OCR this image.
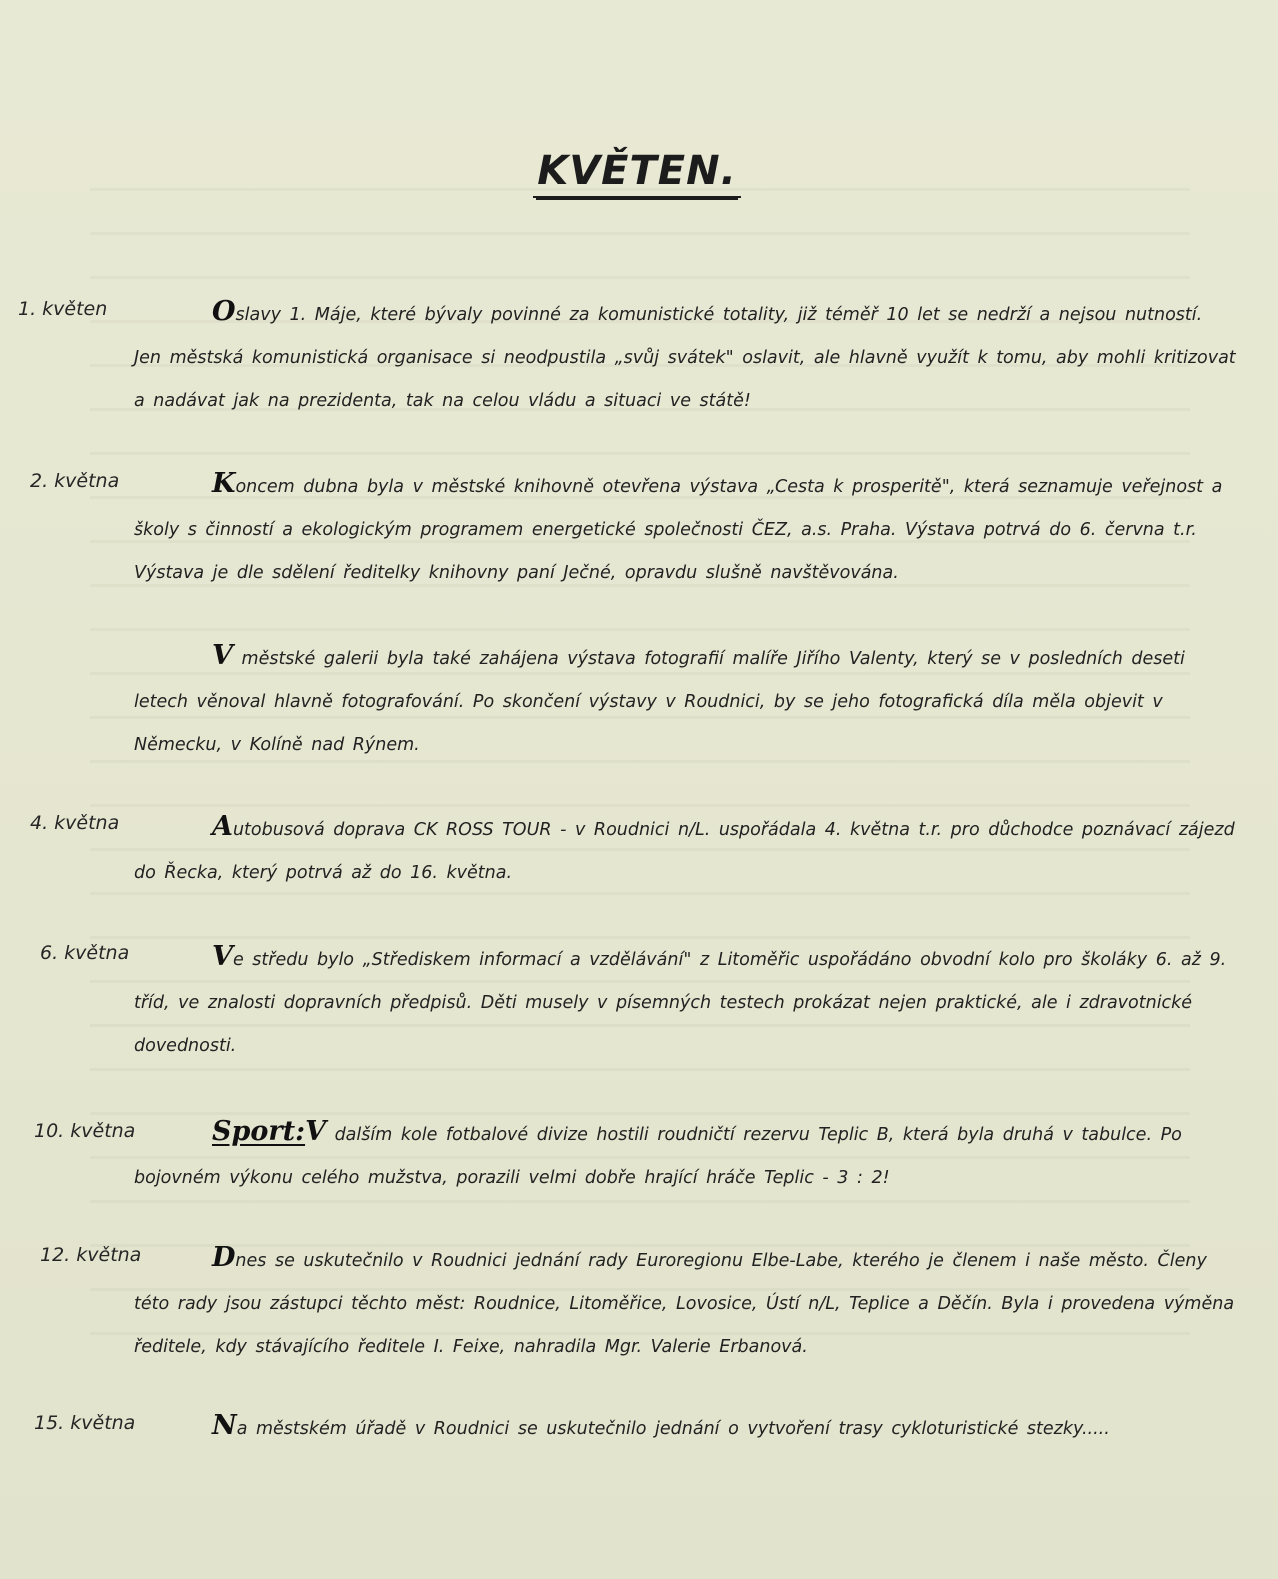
KVĚTEN.
1. květen	Oslavy 1. Máje, které bývaly povinné za komunistické totality, již téměř 10 let se nedrží a nejsou nutností. Jen městská komunistická organisace si neodpustila „svůj svátek" oslavit, ale hlavně využít k tomu, aby mohli kritizovat a nadávat jak na prezidenta, tak na celou vládu a situaci ve státě!
2. května	Koncem dubna byla v městské knihovně otevřena výstava „Cesta k prosperitě", která seznamuje veřejnost a školy s činností a ekologickým programem energetické společnosti ČEZ, a.s. Praha. Výstava potrvá do 6. června t.r. Výstava je dle sdělení ředitelky knihovny paní Ječné, opravdu slušně navštěvována.
V městské galerii byla také zahájena výstava fotografií malíře Jiřího Valenty, který se v posledních deseti letech věnoval hlavně fotografování. Po skončení výstavy v Roudnici, by se jeho fotografická díla měla objevit v Německu, v Kolíně nad Rýnem.
4. května	Autobusová doprava CK ROSS TOUR - v Roudnici n/L. uspořádala 4. května t.r. pro důchodce poznávací zájezd do Řecka, který potrvá až do 16. května.
6. května	Ve středu bylo „Střediskem informací a vzdělávání" z Litoměřic uspořádáno obvodní kolo pro školáky 6. až 9. tříd, ve znalosti dopravních předpisů. Děti musely v písemných testech prokázat nejen praktické, ale i zdravotnické dovednosti.
10. května	Sport:V dalším kole fotbalové divize hostili roudničtí rezervu Teplic B, která byla druhá v tabulce. Po bojovném výkonu celého mužstva, porazili velmi dobře hrající hráče Teplic - 3 : 2!
12. května	Dnes se uskutečnilo v Roudnici jednání rady Euroregionu Elbe-Labe, kterého je členem i naše město. Členy této rady jsou zástupci těchto měst: Roudnice, Litoměřice, Lovosice, Ústí n/L, Teplice a Děčín. Byla i provedena výměna ředitele, kdy stávajícího ředitele I. Feixe, nahradila Mgr. Valerie Erbanová.
15. května	Na městském úřadě v Roudnici se uskutečnilo jednání o vytvoření trasy cykloturistické stezky.....
